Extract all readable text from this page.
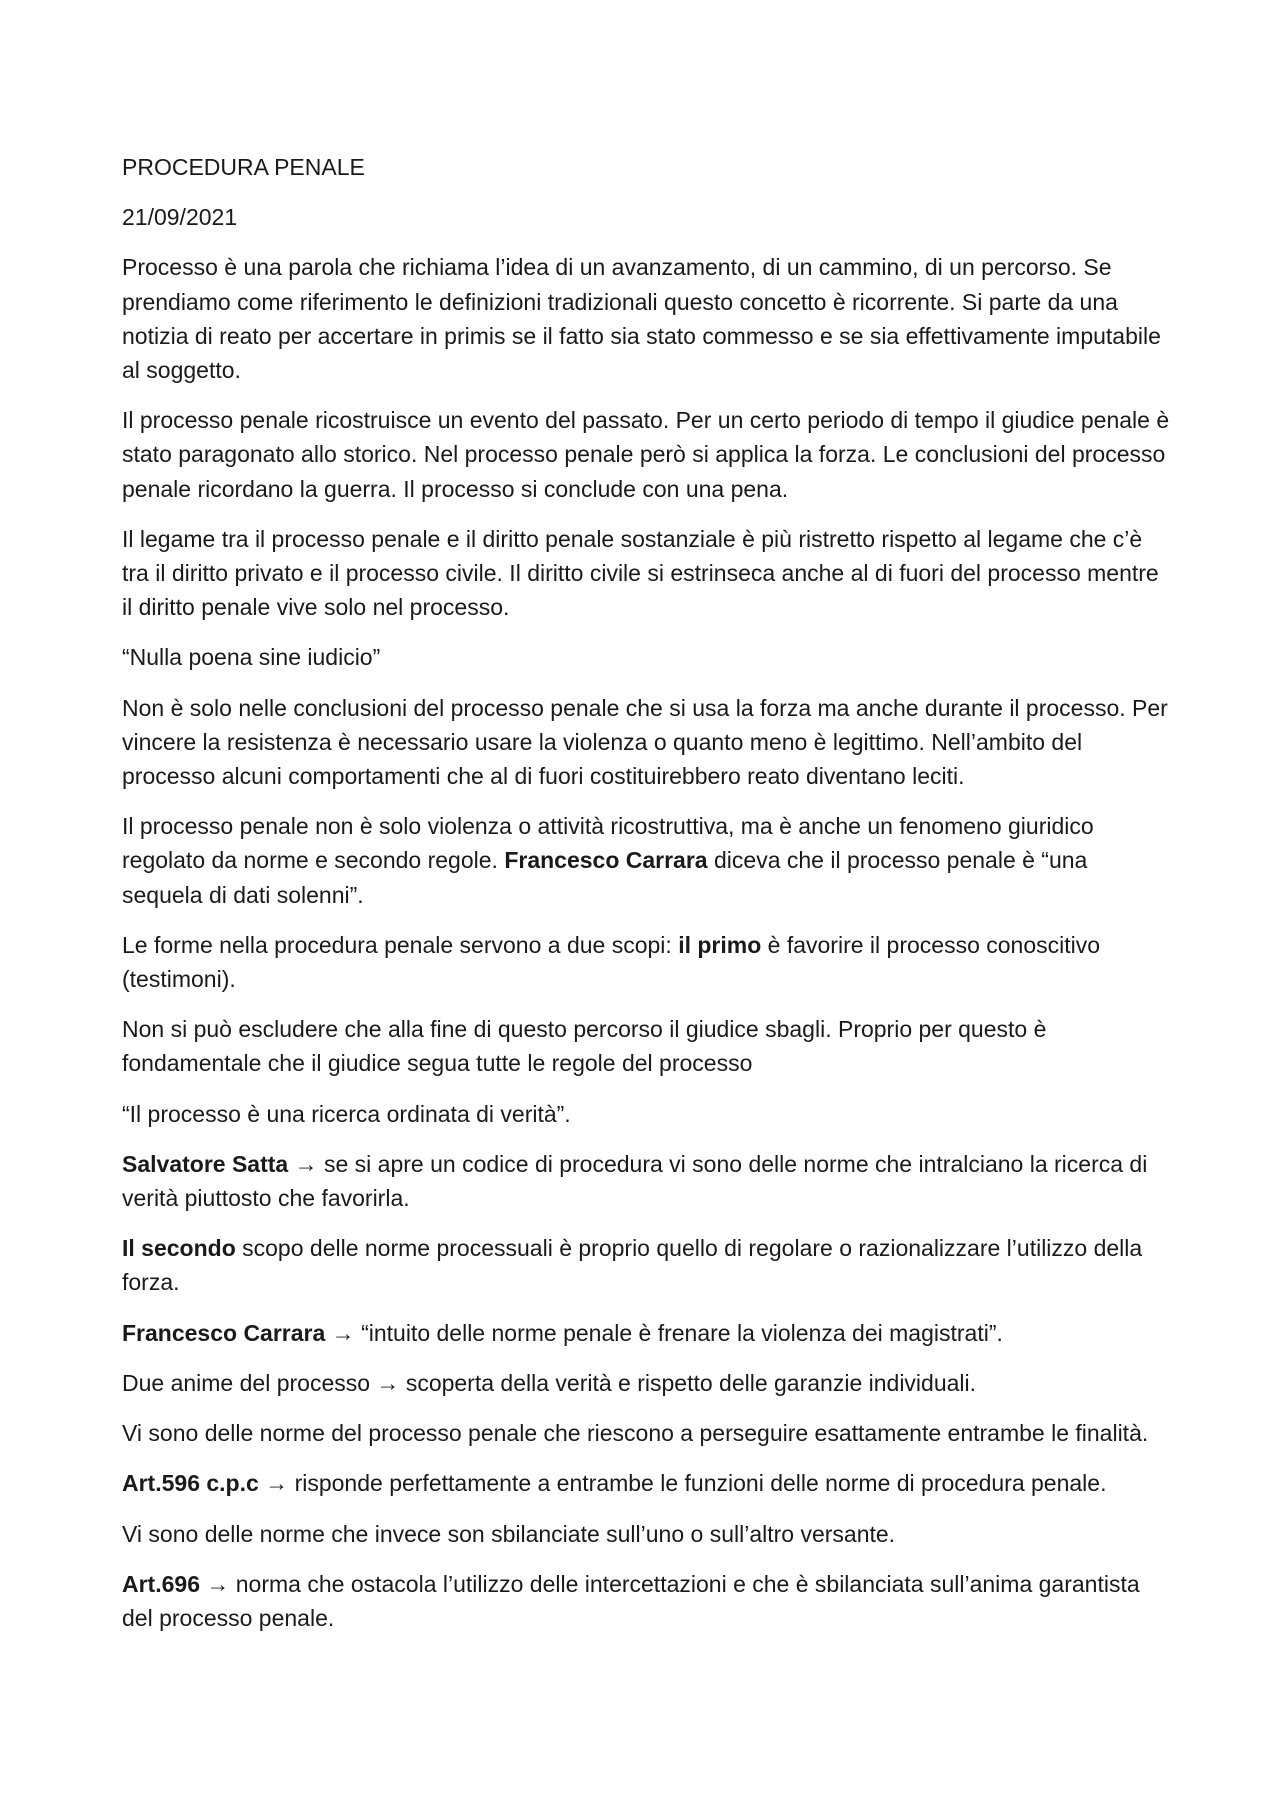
PROCEDURA PENALE

21/09/2021

Processo è una parola che richiama l’idea di un avanzamento, di un cammino, di un percorso. Se prendiamo come riferimento le definizioni tradizionali questo concetto è ricorrente. Si parte da una notizia di reato per accertare in primis se il fatto sia stato commesso e se sia effettivamente imputabile al soggetto.

Il processo penale ricostruisce un evento del passato. Per un certo periodo di tempo il giudice penale è stato paragonato allo storico. Nel processo penale però si applica la forza. Le conclusioni del processo penale ricordano la guerra. Il processo si conclude con una pena.

Il legame tra il processo penale e il diritto penale sostanziale è più ristretto rispetto al legame che c’è tra il diritto privato e il processo civile. Il diritto civile si estrinseca anche al di fuori del processo mentre il diritto penale vive solo nel processo.

“Nulla poena sine iudicio”

Non è solo nelle conclusioni del processo penale che si usa la forza ma anche durante il processo. Per vincere la resistenza è necessario usare la violenza o quanto meno è legittimo. Nell’ambito del processo alcuni comportamenti che al di fuori costituirebbero reato diventano leciti.

Il processo penale non è solo violenza o attività ricostruttiva, ma è anche un fenomeno giuridico regolato da norme e secondo regole. Francesco Carrara diceva che il processo penale è “una sequela di dati solenni”.

Le forme nella procedura penale servono a due scopi: il primo è favorire il processo conoscitivo (testimoni).

Non si può escludere che alla fine di questo percorso il giudice sbagli. Proprio per questo è fondamentale che il giudice segua tutte le regole del processo

“Il processo è una ricerca ordinata di verità”.

Salvatore Satta → se si apre un codice di procedura vi sono delle norme che intralciano la ricerca di verità piuttosto che favorirla.

Il secondo scopo delle norme processuali è proprio quello di regolare o razionalizzare l’utilizzo della forza.

Francesco Carrara → “intuito delle norme penale è frenare la violenza dei magistrati”.

Due anime del processo → scoperta della verità e rispetto delle garanzie individuali.

Vi sono delle norme del processo penale che riescono a perseguire esattamente entrambe le finalità.

Art.596 c.p.c → risponde perfettamente a entrambe le funzioni delle norme di procedura penale.

Vi sono delle norme che invece son sbilanciate sull’uno o sull’altro versante.

Art.696 → norma che ostacola l’utilizzo delle intercettazioni e che è sbilanciata sull’anima garantista del processo penale.
